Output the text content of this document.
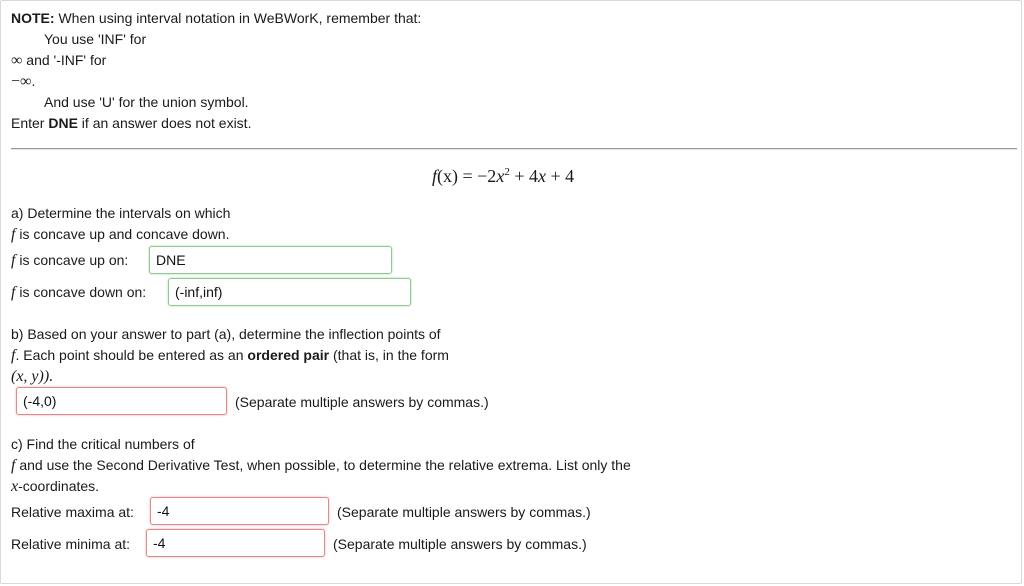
NOTE: When using interval notation in WeBWorK, remember that:
You use 'INF' for
∞ and '-INF' for
−∞.
And use 'U' for the union symbol.
Enter DNE if an answer does not exist.
$f(x) = -2x^2 + 4x + 4$
a) Determine the intervals on which
f is concave up and concave down.
f is concave up on:	DNE
f is concave down on:	(-inf,inf)
b) Based on your answer to part (a), determine the inflection points of
f. Each point should be entered as an ordered pair (that is, in the form
(x, y)).
(-4,0)	(Separate multiple answers by commas.)
c) Find the critical numbers of
f and use the Second Derivative Test, when possible, to determine the relative extrema. List only the
x-coordinates.
Relative maxima at:	-4	(Separate multiple answers by commas.)
Relative minima at:	-4	(Separate multiple answers by commas.)
